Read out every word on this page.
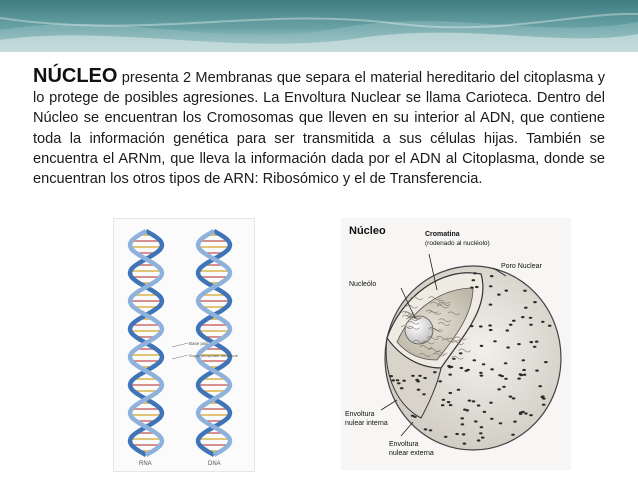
NÚCLEO presenta 2 Membranas que separa el material hereditario del citoplasma y lo protege de posibles agresiones. La Envoltura Nuclear se llama Carioteca. Dentro del Núcleo se encuentran los Cromosomas que lleven en su interior al ADN, que contiene toda la información genética para ser transmitida a sus células hijas. También se encuentra el ARNm, que lleva la información dada por el ADN al Citoplasma, donde se encuentran los otros tipos de ARN: Ribosómico y el de Transferencia.

Base pair
Sugar phosphate backbone
RNA	DNA
Núcleo	Cromatina
(rodenado al nucléolo)
Poro Nuclear
Nucleólo
Envoltura
nulear interna
Envoltura
nulear externa
